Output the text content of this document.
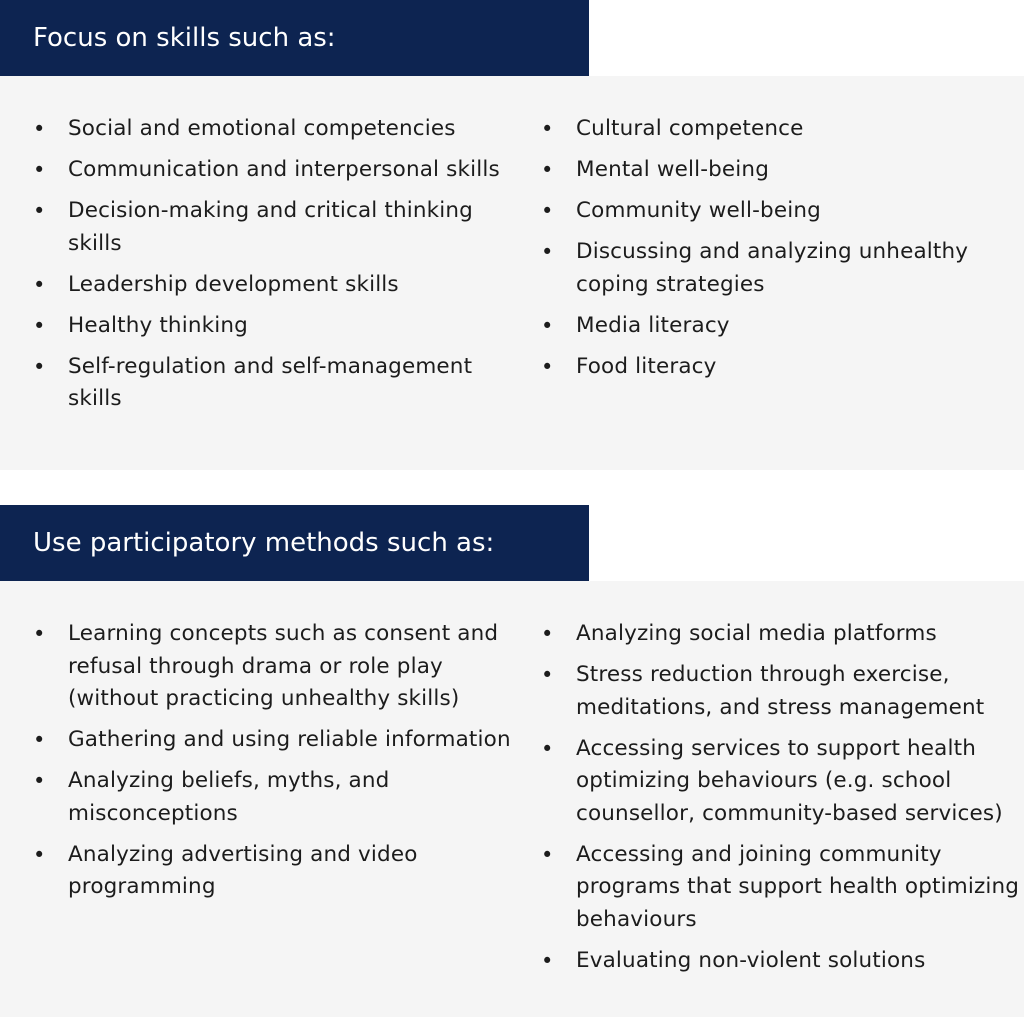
Focus on skills such as:
• Social and emotional competencies
• Communication and interpersonal skills
• Decision-making and critical thinking skills
• Leadership development skills
• Healthy thinking
• Self-regulation and self-management skills
• Cultural competence
• Mental well-being
• Community well-being
• Discussing and analyzing unhealthy coping strategies
• Media literacy
• Food literacy
Use participatory methods such as:
• Learning concepts such as consent and refusal through drama or role play (without practicing unhealthy skills)
• Gathering and using reliable information
• Analyzing beliefs, myths, and misconceptions
• Analyzing advertising and video programming
• Analyzing social media platforms
• Stress reduction through exercise, meditations, and stress management
• Accessing services to support health optimizing behaviours (e.g. school counsellor, community-based services)
• Accessing and joining community programs that support health optimizing behaviours
• Evaluating non-violent solutions
